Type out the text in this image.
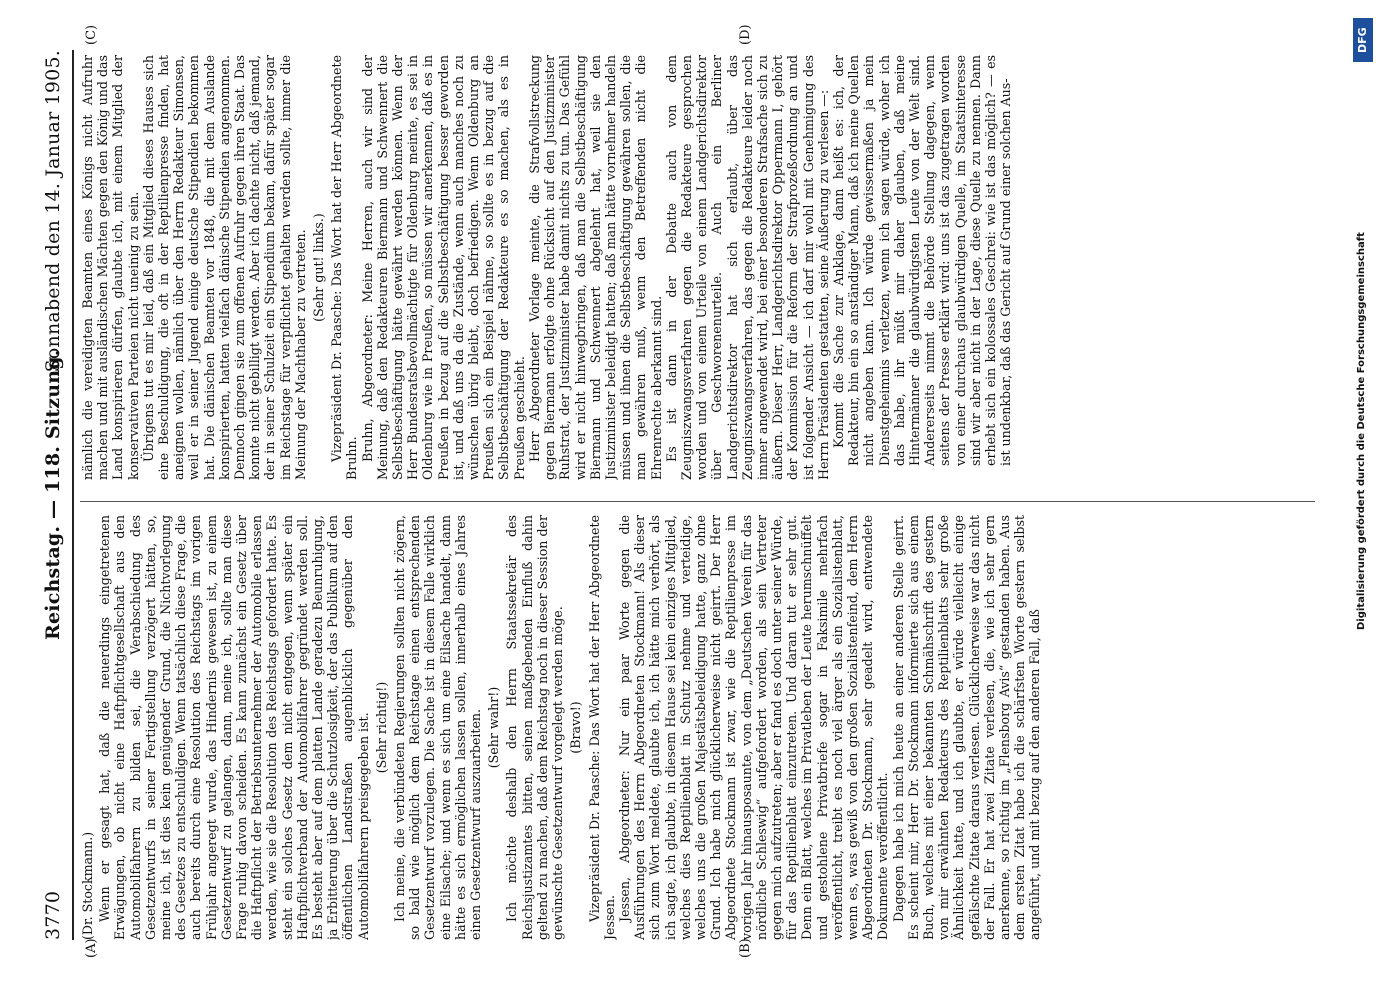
3770
Reichstag. — 118. Sitzung.
Sonnabend den 14. Januar 1905.
(A)	(B)
(C)	(D)

(Dr. Stockmann.) Wenn er gesagt hat, daß die neuerdings eingetretenen Erwägungen, ob nicht eine Haftpflichtgesellschaft aus den Automobilfahrern zu bilden sei, die Verabschiedung des Gesetzentwurfs in seiner Fertigstellung verzögert hätten, so, meine ich, ist dies kein genügender Grund, die Nichtvorlegung des Gesetzes zu entschuldigen. Wenn tatsächlich diese Frage, die auch bereits durch eine Resolution des Reichstags im vorigen Frühjahr angeregt wurde, das Hindernis gewesen ist, zu einem Gesetzentwurf zu gelangen, dann, meine ich, sollte man diese Frage ruhig davon scheiden. Es kann zunächst ein Gesetz über die Haftpflicht der Betriebsunternehmer der Automobile erlassen werden, wie sie die Resolution des Reichstags gefordert hatte. Es steht ein solches Gesetz dem nicht entgegen, wenn später ein Haftpflichtverband der Automobilfahrer gegründet werden soll. Es besteht aber auf dem platten Lande geradezu Beunruhigung, ja Erbitterung über die Schutzlosigkeit, der das Publikum auf den öffentlichen Landstraßen augenblicklich gegenüber den Automobilfahrern preisgegeben ist. (Sehr richtig!) Ich meine, die verbündeten Regierungen sollten nicht zögern, so bald wie möglich dem Reichstage einen entsprechenden Gesetzentwurf vorzulegen. Die Sache ist in diesem Falle wirklich eine Eilsache; und wenn es sich um eine Eilsache handelt, dann hätte es sich ermöglichen lassen sollen, innerhalb eines Jahres einen Gesetzentwurf auszuarbeiten. (Sehr wahr!) Ich möchte deshalb den Herrn Staatssekretär des Reichsjustizamtes bitten, seinen maßgebenden Einfluß dahin geltend zu machen, daß dem Reichstag noch in dieser Session der gewünschte Gesetzentwurf vorgelegt werden möge. (Bravo!) Vizepräsident Dr. Paasche: Das Wort hat der Herr Abgeordnete Jessen. Jessen, Abgeordneter: Nur ein paar Worte gegen die Ausführungen des Herrn Abgeordneten Stockmann! Als dieser sich zum Wort meldete, glaubte ich, ich hätte mich verhört, als ich sagte, ich glaubte, in diesem Hause sei kein einziges Mitglied, welches dies Reptilienblatt in Schutz nehme und verteidige, welches uns die großen Majestätsbeleidigung hatte, ganz ohne Grund. Ich habe mich glücklicherweise nicht geirrt. Der Herr Abgeordnete Stockmann ist zwar, wie die Reptilienpresse im vorigen Jahr hinausposaunte, von dem „Deutschen Verein für das nördliche Schleswig“ aufgefordert worden, als sein Vertreter gegen mich aufzutreten; aber er fand es doch unter seiner Würde, für das Reptilienblatt einzutreten. Und daran tut er sehr gut. Denn ein Blatt, welches im Privatleben der Leute herumschnüffelt und gestohlene Privatbriefe sogar in Faksimile mehrfach veröffentlicht, treibt es noch viel ärger als ein Sozialistenblatt, wenn es, was gewiß von den großen Sozialistenfeind, dem Herrn Abgeordneten Dr. Stockmann, sehr geadelt wird, entwendete Dokumente veröffentlicht. Dagegen habe ich mich heute an einer anderen Stelle geirrt. Es scheint mir, Herr Dr. Stockmann informierte sich aus einem Buch, welches mit einer bekannten Schmähschrift des gestern von mir erwähnten Redakteurs des Reptilienblatts sehr große Ähnlichkeit hatte, und ich glaubte, er würde vielleicht einige gefälschte Zitate daraus verlesen. Glücklicherweise war das nicht der Fall. Er hat zwei Zitate verlesen, die, wie ich sehr gern anerkenne, so richtig im „Flensborg Avis“ gestanden haben. Aus dem ersten Zitat habe ich die schärfsten Worte gestern selbst angeführt, und mit bezug auf den anderen Fall, daß

nämlich die vereidigten Beamten eines Königs nicht Aufruhr machen und mit ausländischen Mächten gegen den König und das Land konspirieren dürfen, glaubte ich, mit einem Mitglied der konservativen Parteien nicht uneinig zu sein. Übrigens tut es mir leid, daß ein Mitglied dieses Hauses sich eine Beschuldigung, die oft in der Reptilienpresse finden, hat aneignen wollen, nämlich über den Herrn Redakteur Simonsen, weil er in seiner Jugend einige deutsche Stipendien bekommen hat. Die dänischen Beamten vor 1848, die mit dem Auslande konspirierten, hatten vielfach dänische Stipendien angenommen. Dennoch gingen sie zum offenen Aufruhr gegen ihren Staat. Das konnte nicht gebilligt werden. Aber ich dachte nicht, daß jemand, der in seiner Schulzeit ein Stipendium bekam, dafür später sogar im Reichstage für verpflichtet gehalten werden sollte, immer die Meinung der Machthaber zu vertreten. (Sehr gut! links.) Vizepräsident Dr. Paasche: Das Wort hat der Herr Abgeordnete Bruhn. Bruhn, Abgeordneter: Meine Herren, auch wir sind der Meinung, daß den Redakteuren Biermann und Schwennert die Selbstbeschäftigung hätte gewährt werden können. Wenn der Herr Bundesratsbevollmächtigte für Oldenburg meinte, es sei in Oldenburg wie in Preußen, so müssen wir anerkennen, daß es in Preußen in bezug auf die Selbstbeschäftigung besser geworden ist, und daß uns da die Zustände, wenn auch manches noch zu wünschen übrig bleibt, doch befriedigen. Wenn Oldenburg an Preußen sich ein Beispiel nähme, so sollte es in bezug auf die Selbstbeschäftigung der Redakteure es so machen, als es in Preußen geschieht. Herr Abgeordneter Vorlage meinte, die Strafvollstreckung gegen Biermann erfolgte ohne Rücksicht auf den Justizminister Ruhstrat, der Justizminister habe damit nichts zu tun. Das Gefühl wird er nicht hinwegbringen, daß man die Selbstbeschäftigung Biermann und Schwennert abgelehnt hat, weil sie den Justizminister beleidigt hatten; daß man hätte vornehmer handeln müssen und ihnen die Selbstbeschäftigung gewähren sollen, die man gewähren muß, wenn den Betreffenden nicht die Ehrenrechte aberkannt sind. Es ist dann in der Debatte auch von dem Zeugniszwangsverfahren gegen die Redakteure gesprochen worden und von einem Urteile von einem Landgerichtsdirektor über Geschworenenurteile. Auch ein Berliner Landgerichtsdirektor hat sich erlaubt, über das Zeugniszwangsverfahren, das gegen die Redakteure leider noch immer angewendet wird, bei einer besonderen Strafsache sich zu äußern. Dieser Herr, Landgerichtsdirektor Oppermann I, gehört der Kommission für die Reform der Strafprozeßordnung an und ist folgender Ansicht — ich darf mir wohl mit Genehmigung des Herrn Präsidenten gestatten, seine Äußerung zu verlesen —: Kommt die Sache zur Anklage, dann heißt es: ich, der Redakteur, bin ein so anständiger Mann, daß ich meine Quellen nicht angeben kann. Ich würde gewissermaßen ja mein Dienstgeheimnis verletzen, wenn ich sagen würde, woher ich das habe, ihr müßt mir daher glauben, daß meine Hintermänner die glaubwürdigsten Leute von der Welt sind. Andererseits nimmt die Behörde Stellung dagegen, wenn seitens der Presse erklärt wird: uns ist das zugetragen worden von einer durchaus glaubwürdigen Quelle, im Staatsinteresse sind wir aber nicht in der Lage, diese Quelle zu nennen. Dann erhebt sich ein kolossales Geschrei: wie ist das möglich? — es ist undenkbar, daß das Gericht auf Grund einer solchen Aus-

DFG
Digitalisierung gefördert durch die Deutsche Forschungsgemeinschaft
